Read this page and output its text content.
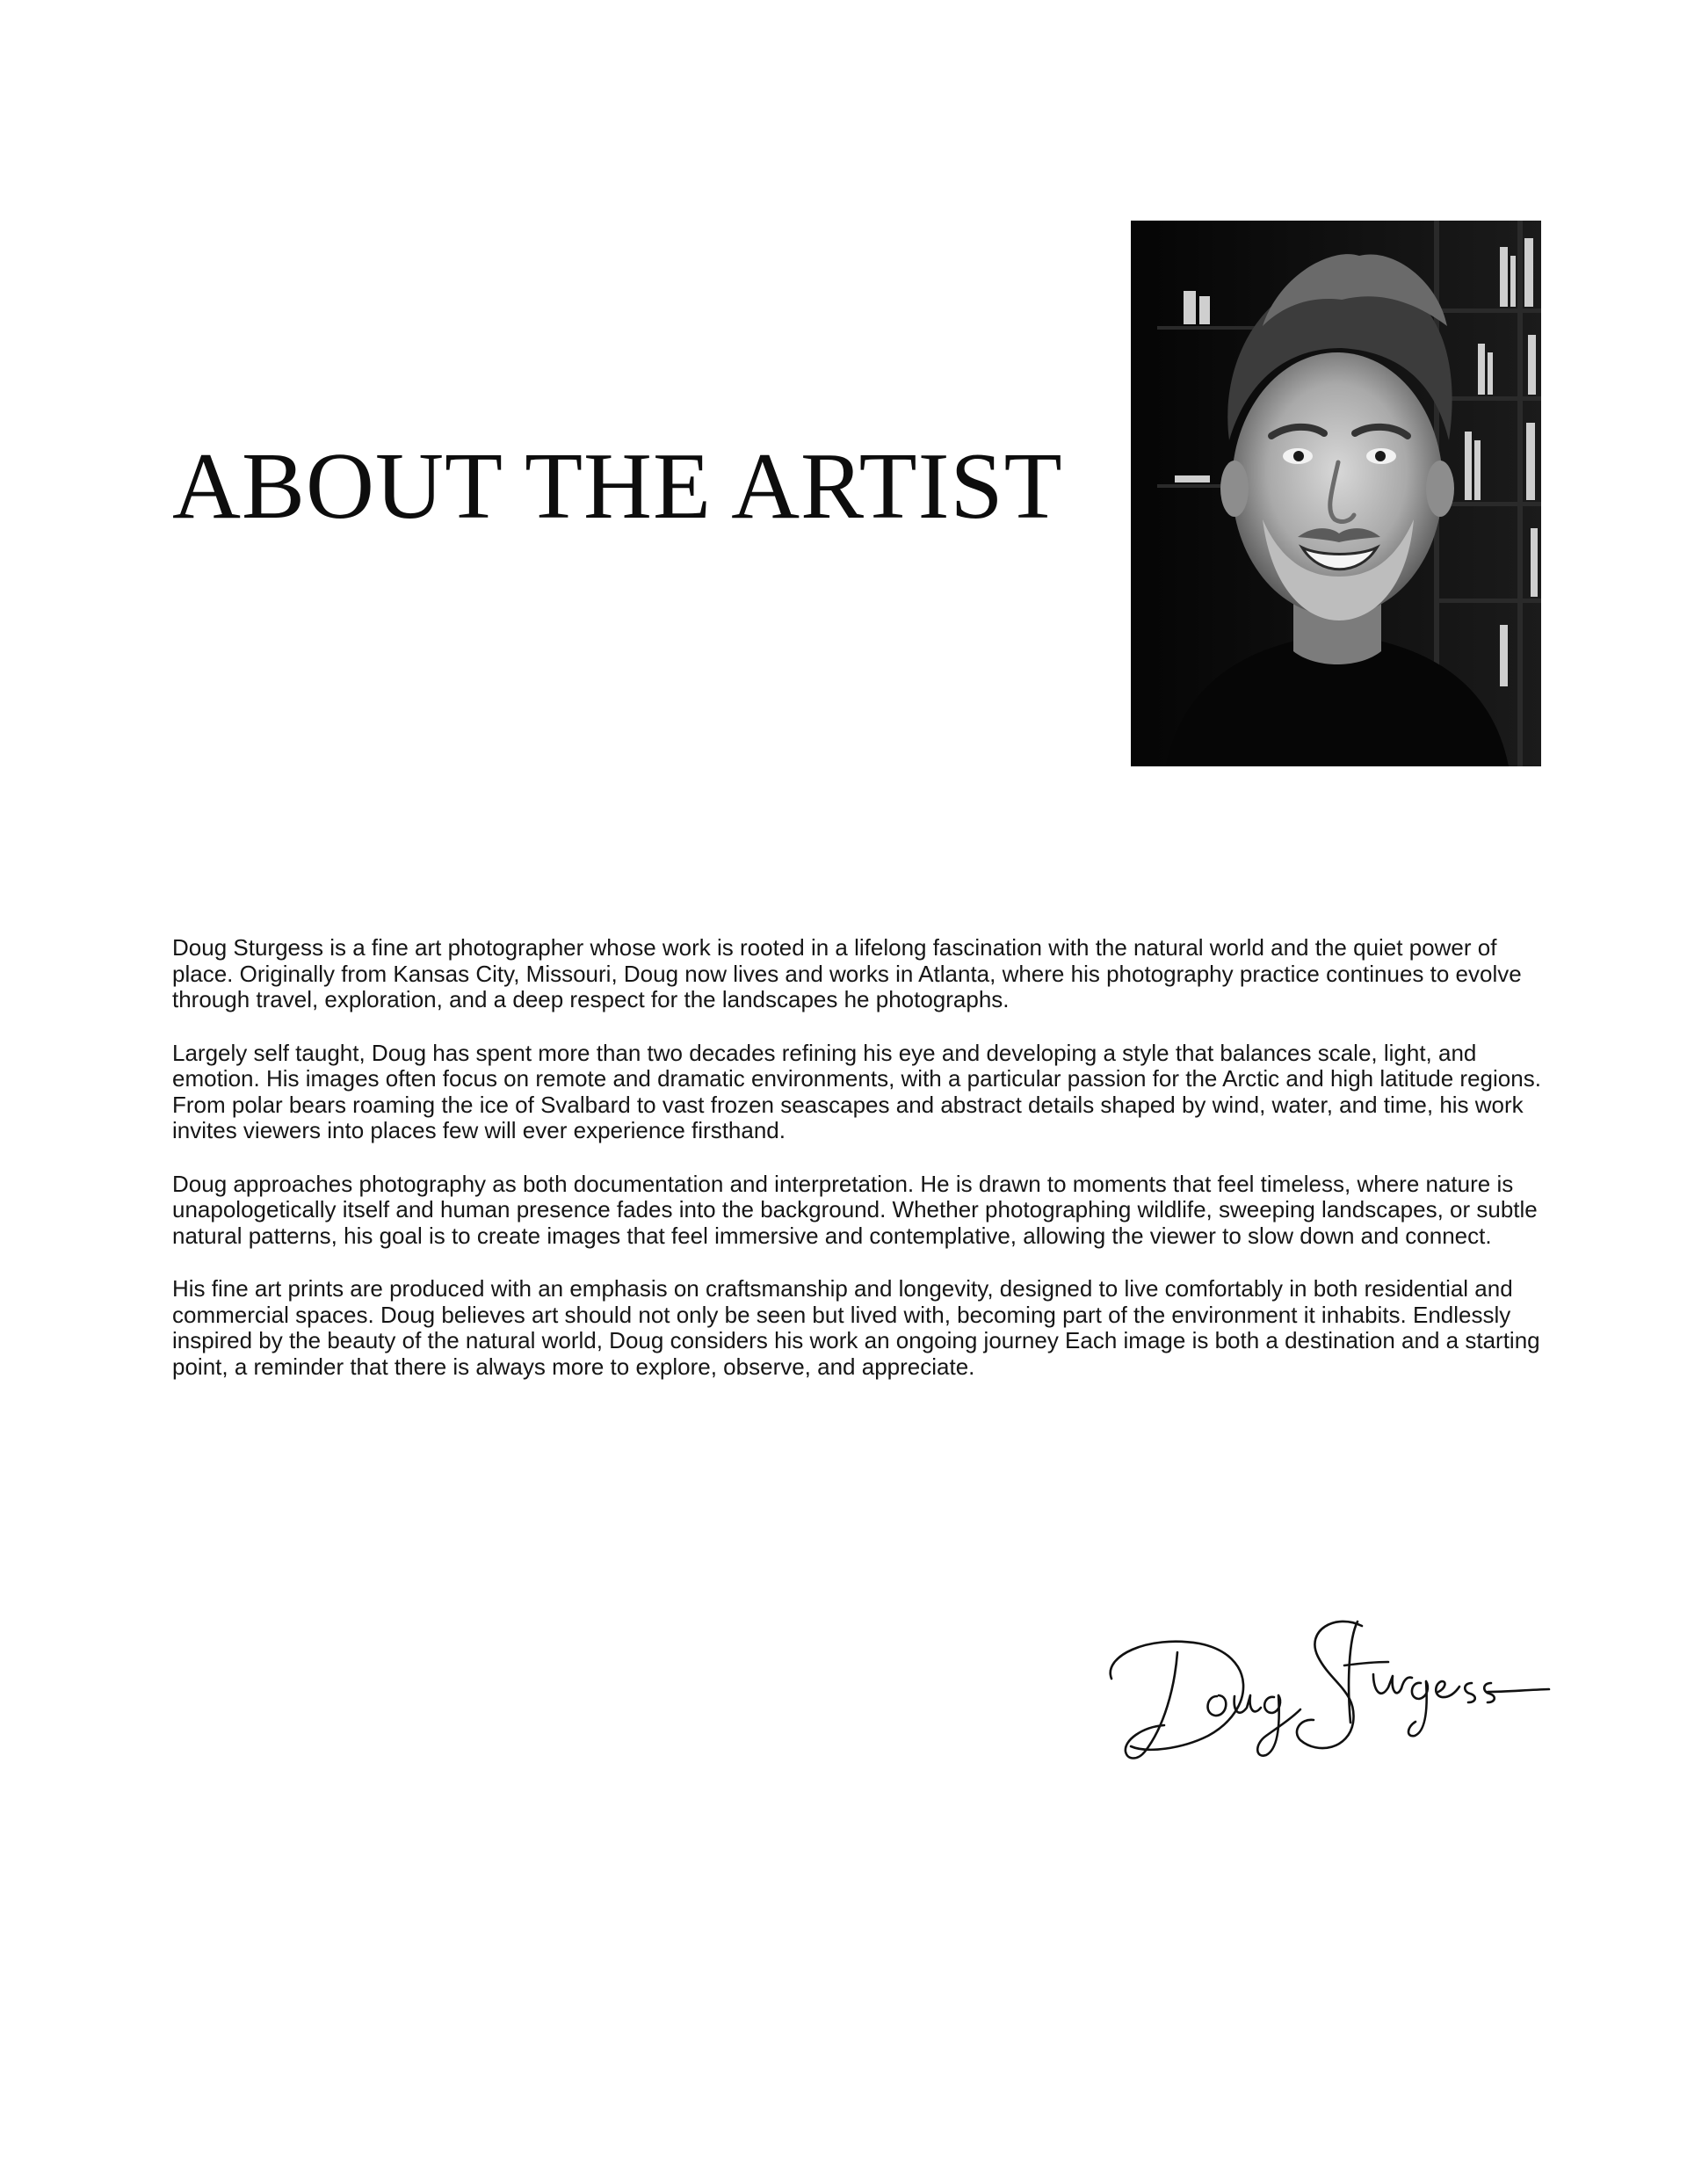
ABOUT THE ARTIST

Doug Sturgess is a fine art photographer whose work is rooted in a lifelong fascination with the natural world and the quiet power of place. Originally from Kansas City, Missouri, Doug now lives and works in Atlanta, where his photography practice continues to evolve through travel, exploration, and a deep respect for the landscapes he photographs.

Largely self taught, Doug has spent more than two decades refining his eye and developing a style that balances scale, light, and emotion. His images often focus on remote and dramatic environments, with a particular passion for the Arctic and high latitude regions. From polar bears roaming the ice of Svalbard to vast frozen seascapes and abstract details shaped by wind, water, and time, his work invites viewers into places few will ever experience firsthand.

Doug approaches photography as both documentation and interpretation. He is drawn to moments that feel timeless, where nature is unapologetically itself and human presence fades into the background. Whether photographing wildlife, sweeping landscapes, or subtle natural patterns, his goal is to create images that feel immersive and contemplative, allowing the viewer to slow down and connect.

His fine art prints are produced with an emphasis on craftsmanship and longevity, designed to live comfortably in both residential and commercial spaces. Doug believes art should not only be seen but lived with, becoming part of the environment it inhabits. Endlessly inspired by the beauty of the natural world, Doug considers his work an ongoing journey Each image is both a destination and a starting point, a reminder that there is always more to explore, observe, and appreciate.
